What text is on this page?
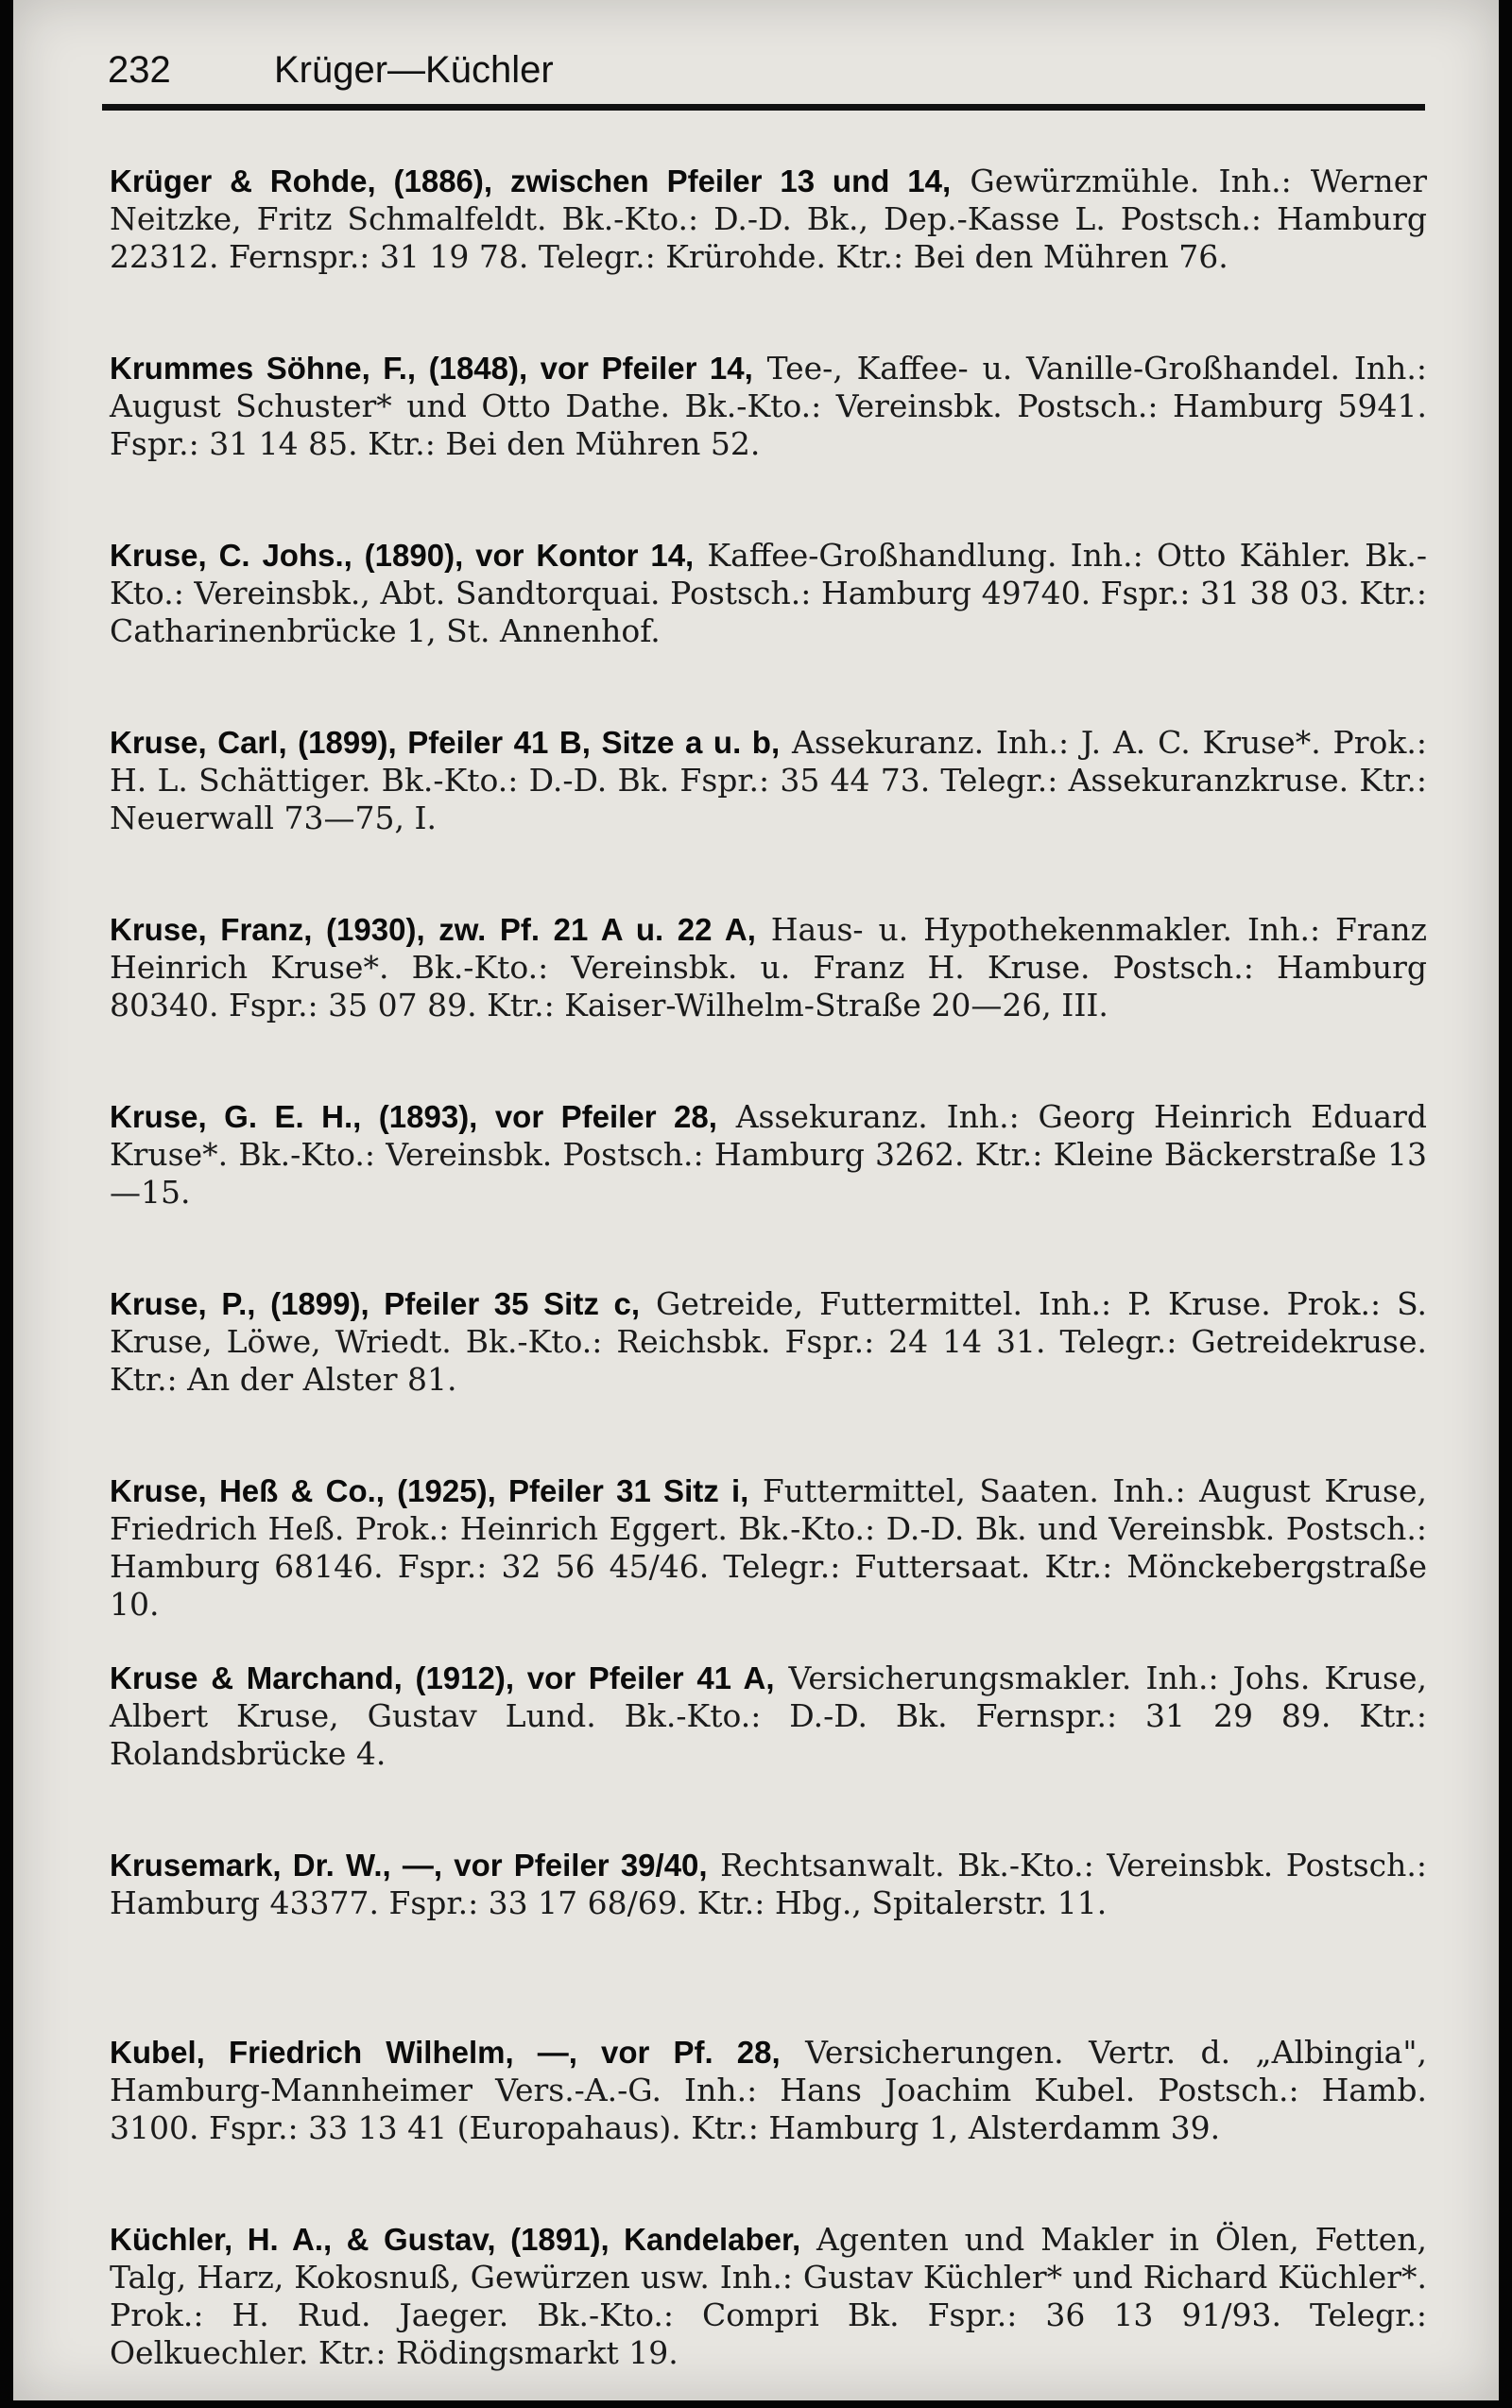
232	Krüger—Küchler

Krüger & Rohde, (1886), zwischen Pfeiler 13 und 14, Gewürzmühle. Inh.: Werner Neitzke, Fritz Schmalfeldt. Bk.-Kto.: D.-D. Bk., Dep.-Kasse L. Postsch.: Hamburg 22312. Fernspr.: 31 19 78. Telegr.: Krürohde. Ktr.: Bei den Mühren 76.

Krummes Söhne, F., (1848), vor Pfeiler 14, Tee-, Kaffee- u. Vanille-Großhandel. Inh.: August Schuster* und Otto Dathe. Bk.-Kto.: Vereinsbk. Postsch.: Hamburg 5941. Fspr.: 31 14 85. Ktr.: Bei den Mühren 52.

Kruse, C. Johs., (1890), vor Kontor 14, Kaffee-Großhandlung. Inh.: Otto Kähler. Bk.-Kto.: Vereinsbk., Abt. Sandtorquai. Postsch.: Hamburg 49740. Fspr.: 31 38 03. Ktr.: Catharinenbrücke 1, St. Annenhof.

Kruse, Carl, (1899), Pfeiler 41 B, Sitze a u. b, Assekuranz. Inh.: J. A. C. Kruse*. Prok.: H. L. Schättiger. Bk.-Kto.: D.-D. Bk. Fspr.: 35 44 73. Telegr.: Assekuranzkruse. Ktr.: Neuerwall 73—75, I.

Kruse, Franz, (1930), zw. Pf. 21 A u. 22 A, Haus- u. Hypothekenmakler. Inh.: Franz Heinrich Kruse*. Bk.-Kto.: Vereinsbk. u. Franz H. Kruse. Postsch.: Hamburg 80340. Fspr.: 35 07 89. Ktr.: Kaiser-Wilhelm-Straße 20—26, III.

Kruse, G. E. H., (1893), vor Pfeiler 28, Assekuranz. Inh.: Georg Heinrich Eduard Kruse*. Bk.-Kto.: Vereinsbk. Postsch.: Hamburg 3262. Ktr.: Kleine Bäckerstraße 13—15.

Kruse, P., (1899), Pfeiler 35 Sitz c, Getreide, Futtermittel. Inh.: P. Kruse. Prok.: S. Kruse, Löwe, Wriedt. Bk.-Kto.: Reichsbk. Fspr.: 24 14 31. Telegr.: Getreidekruse. Ktr.: An der Alster 81.

Kruse, Heß & Co., (1925), Pfeiler 31 Sitz i, Futtermittel, Saaten. Inh.: August Kruse, Friedrich Heß. Prok.: Heinrich Eggert. Bk.-Kto.: D.-D. Bk. und Vereinsbk. Postsch.: Hamburg 68146. Fspr.: 32 56 45/46. Telegr.: Futtersaat. Ktr.: Mönckebergstraße 10.

Kruse & Marchand, (1912), vor Pfeiler 41 A, Versicherungsmakler. Inh.: Johs. Kruse, Albert Kruse, Gustav Lund. Bk.-Kto.: D.-D. Bk. Fernspr.: 31 29 89. Ktr.: Rolandsbrücke 4.

Krusemark, Dr. W., —, vor Pfeiler 39/40, Rechtsanwalt. Bk.-Kto.: Vereinsbk. Postsch.: Hamburg 43377. Fspr.: 33 17 68/69. Ktr.: Hbg., Spitalerstr. 11.

Kubel, Friedrich Wilhelm, —, vor Pf. 28, Versicherungen. Vertr. d. „Albingia", Hamburg-Mannheimer Vers.-A.-G. Inh.: Hans Joachim Kubel. Postsch.: Hamb. 3100. Fspr.: 33 13 41 (Europahaus). Ktr.: Hamburg 1, Alsterdamm 39.

Küchler, H. A., & Gustav, (1891), Kandelaber, Agenten und Makler in Ölen, Fetten, Talg, Harz, Kokosnuß, Gewürzen usw. Inh.: Gustav Küchler* und Richard Küchler*. Prok.: H. Rud. Jaeger. Bk.-Kto.: Compri Bk. Fspr.: 36 13 91/93. Telegr.: Oelkuechler. Ktr.: Rödingsmarkt 19.
